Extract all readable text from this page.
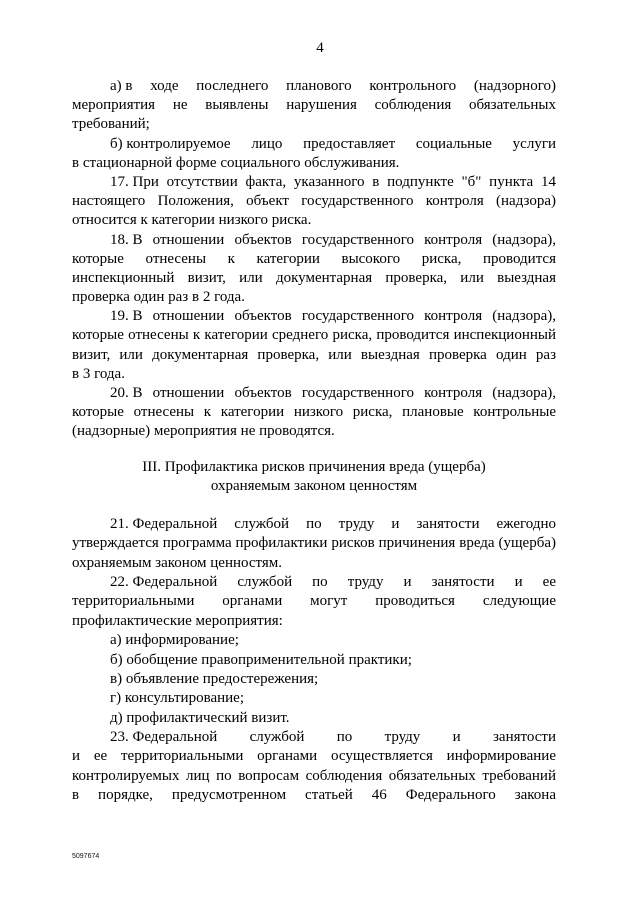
4
а) в ходе последнего планового контрольного (надзорного)
мероприятия не выявлены нарушения соблюдения обязательных
требований;
б) контролируемое лицо предоставляет социальные услуги
в стационарной форме социального обслуживания.
17. При отсутствии факта, указанного в подпункте "б" пункта 14
настоящего Положения, объект государственного контроля (надзора)
относится к категории низкого риска.
18. В отношении объектов государственного контроля (надзора),
которые отнесены к категории высокого риска, проводится
инспекционный визит, или документарная проверка, или выездная
проверка один раз в 2 года.
19. В отношении объектов государственного контроля (надзора),
которые отнесены к категории среднего риска, проводится инспекционный
визит, или документарная проверка, или выездная проверка один раз
в 3 года.
20. В отношении объектов государственного контроля (надзора),
которые отнесены к категории низкого риска, плановые контрольные
(надзорные) мероприятия не проводятся.
III. Профилактика рисков причинения вреда (ущерба)
охраняемым законом ценностям
21. Федеральной службой по труду и занятости ежегодно
утверждается программа профилактики рисков причинения вреда (ущерба)
охраняемым законом ценностям.
22. Федеральной службой по труду и занятости и ее
территориальными органами могут проводиться следующие
профилактические мероприятия:
а) информирование;
б) обобщение правоприменительной практики;
в) объявление предостережения;
г) консультирование;
д) профилактический визит.
23. Федеральной службой по труду и занятости
и ее территориальными органами осуществляется информирование
контролируемых лиц по вопросам соблюдения обязательных требований
в порядке, предусмотренном статьей 46 Федерального закона
5097674
